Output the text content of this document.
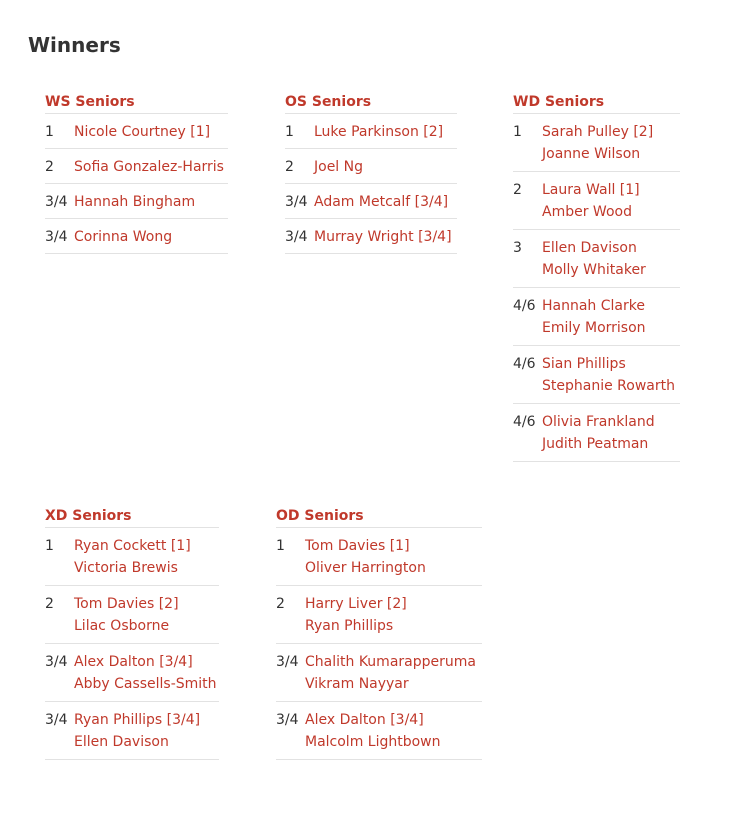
Winners
WS Seniors
1	Nicole Courtney [1]
2	Sofia Gonzalez-Harris
3/4 Hannah Bingham
3/4 Corinna Wong
OS Seniors
1	Luke Parkinson [2]
2	Joel Ng
3/4 Adam Metcalf [3/4]
3/4 Murray Wright [3/4]
WD Seniors
1	Sarah Pulley [2]
Joanne Wilson
2	Laura Wall [1]
Amber Wood
3	Ellen Davison
Molly Whitaker
4/6 Hannah Clarke
Emily Morrison
4/6 Sian Phillips
Stephanie Rowarth
4/6 Olivia Frankland
Judith Peatman
XD Seniors
1	Ryan Cockett [1]
Victoria Brewis
2	Tom Davies [2]
Lilac Osborne
3/4 Alex Dalton [3/4]
Abby Cassells-Smith
3/4 Ryan Phillips [3/4]
Ellen Davison
OD Seniors
1	Tom Davies [1]
Oliver Harrington
2	Harry Liver [2]
Ryan Phillips
3/4 Chalith Kumarapperuma
Vikram Nayyar
3/4 Alex Dalton [3/4]
Malcolm Lightbown
